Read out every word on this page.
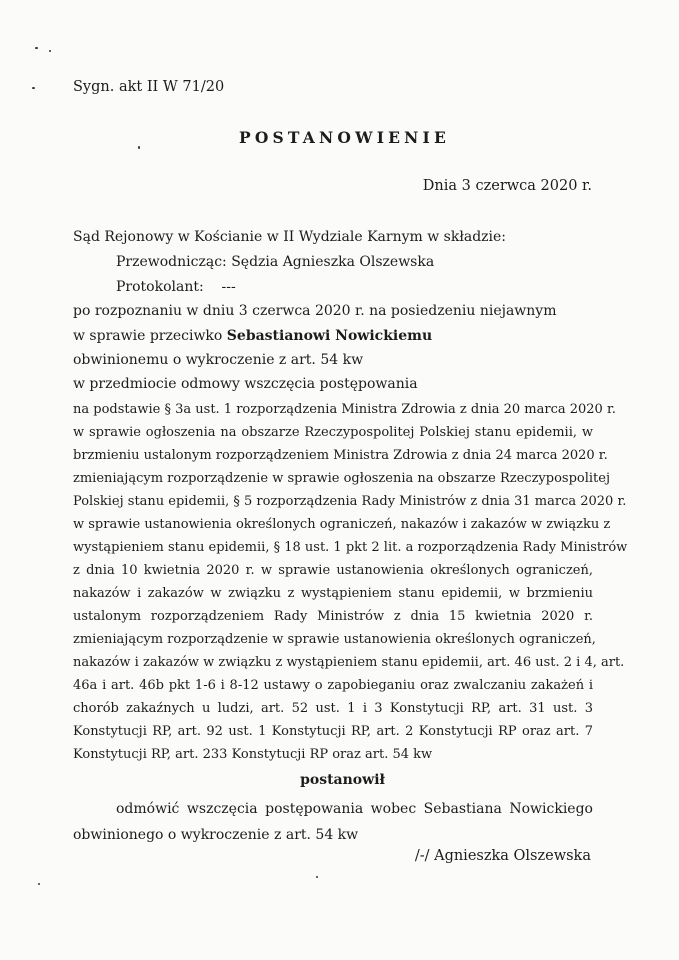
Sygn. akt II W 71/20
POSTANOWIENIE
Dnia 3 czerwca 2020 r.
Sąd Rejonowy w Kościanie w II Wydziale Karnym w składzie:
Przewodnicząc: Sędzia Agnieszka Olszewska
Protokolant:    ---
po rozpoznaniu w dniu 3 czerwca 2020 r. na posiedzeniu niejawnym
w sprawie przeciwko Sebastianowi Nowickiemu
obwinionemu o wykroczenie z art. 54 kw
w przedmiocie odmowy wszczęcia postępowania
na podstawie § 3a ust. 1 rozporządzenia Ministra Zdrowia z dnia 20 marca 2020 r.
w sprawie ogłoszenia na obszarze Rzeczypospolitej Polskiej stanu epidemii, w
brzmieniu ustalonym rozporządzeniem Ministra Zdrowia z dnia 24 marca 2020 r.
zmieniającym rozporządzenie w sprawie ogłoszenia na obszarze Rzeczypospolitej
Polskiej stanu epidemii, § 5 rozporządzenia Rady Ministrów z dnia 31 marca 2020 r.
w sprawie ustanowienia określonych ograniczeń, nakazów i zakazów w związku z
wystąpieniem stanu epidemii, § 18 ust. 1 pkt 2 lit. a rozporządzenia Rady Ministrów
z dnia 10 kwietnia 2020 r. w sprawie ustanowienia określonych ograniczeń,
nakazów i zakazów w związku z wystąpieniem stanu epidemii, w brzmieniu
ustalonym rozporządzeniem Rady Ministrów z dnia 15 kwietnia 2020 r.
zmieniającym rozporządzenie w sprawie ustanowienia określonych ograniczeń,
nakazów i zakazów w związku z wystąpieniem stanu epidemii, art. 46 ust. 2 i 4, art.
46a i art. 46b pkt 1-6 i 8-12 ustawy o zapobieganiu oraz zwalczaniu zakażeń i
chorób zakaźnych u ludzi, art. 52 ust. 1 i 3 Konstytucji RP, art. 31 ust. 3
Konstytucji RP, art. 92 ust. 1 Konstytucji RP, art. 2 Konstytucji RP oraz art. 7
Konstytucji RP, art. 233 Konstytucji RP oraz art. 54 kw
postanowił
odmówić wszczęcia postępowania wobec Sebastiana Nowickiego
obwinionego o wykroczenie z art. 54 kw
/-/ Agnieszka Olszewska
